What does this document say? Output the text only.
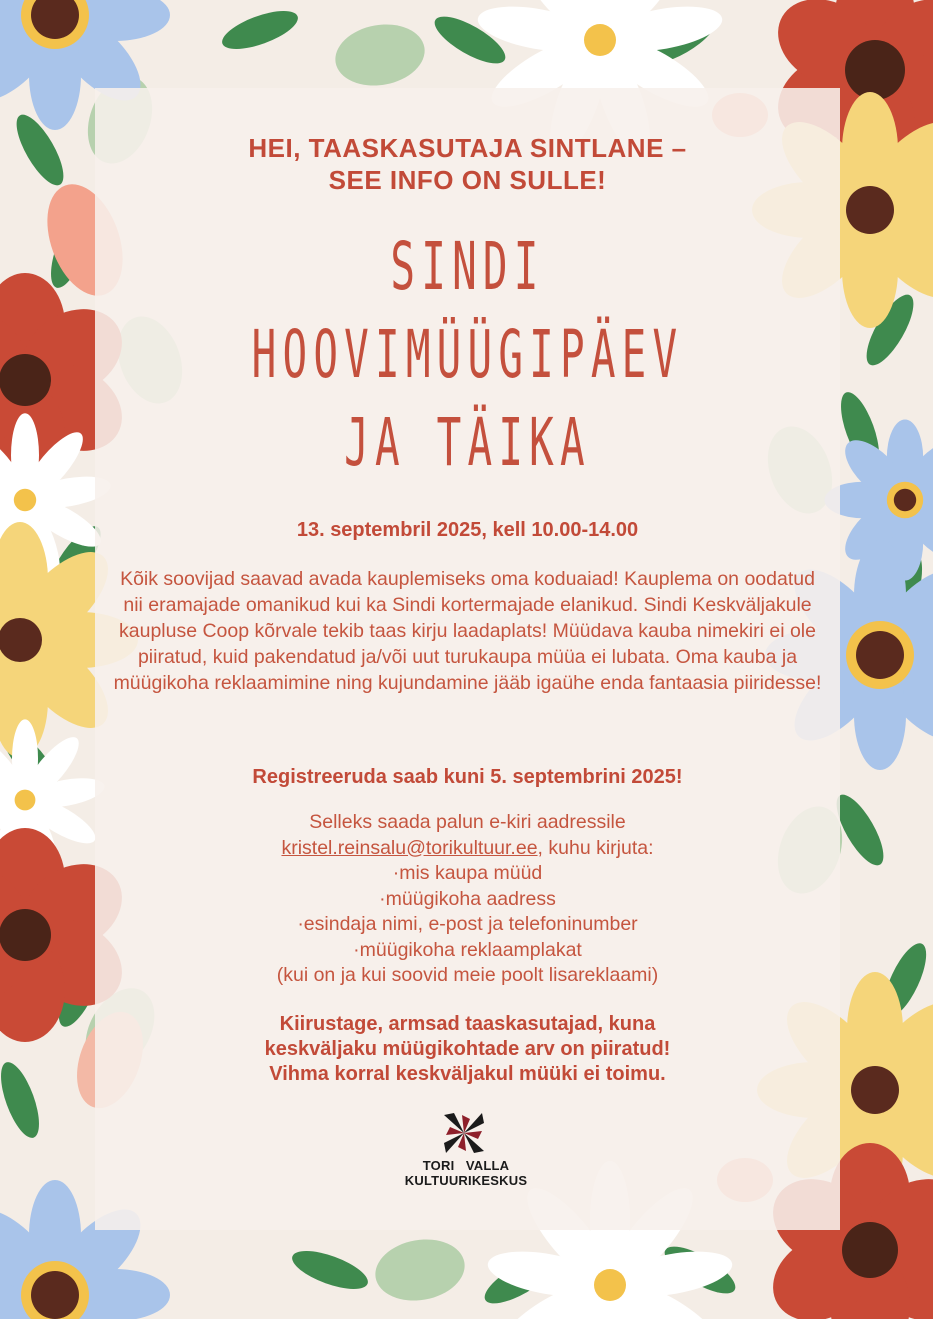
HEI, TAASKASUTAJA SINTLANE –
SEE INFO ON SULLE!
SINDI
HOOVIMÜÜGIPÄEV
JA TÄIKA
13. septembril 2025, kell 10.00-14.00
Kõik soovijad saavad avada kauplemiseks oma koduaiad! Kauplema on oodatud nii eramajade omanikud kui ka Sindi kortermajade elanikud. Sindi Keskväljakule kaupluse Coop kõrvale tekib taas kirju laadaplats! Müüdava kauba nimekiri ei ole piiratud, kuid pakendatud ja/või uut turukaupa müüa ei lubata. Oma kauba ja müügikoha reklaamimine ning kujundamine jääb igaühe enda fantaasia piiridesse!
Registreeruda saab kuni 5. septembrini 2025!
Selleks saada palun e-kiri aadressile
kristel.reinsalu@torikultuur.ee, kuhu kirjuta:
·mis kaupa müüd
·müügikoha aadress
·esindaja nimi, e-post ja telefoninumber
·müügikoha reklaamplakat
(kui on ja kui soovid meie poolt lisareklaami)
Kiirustage, armsad taaskasutajad, kuna
keskväljaku müügikohtade arv on piiratud!
Vihma korral keskväljakul müüki ei toimu.
TORI   VALLA
KULTUURIKESKUS
